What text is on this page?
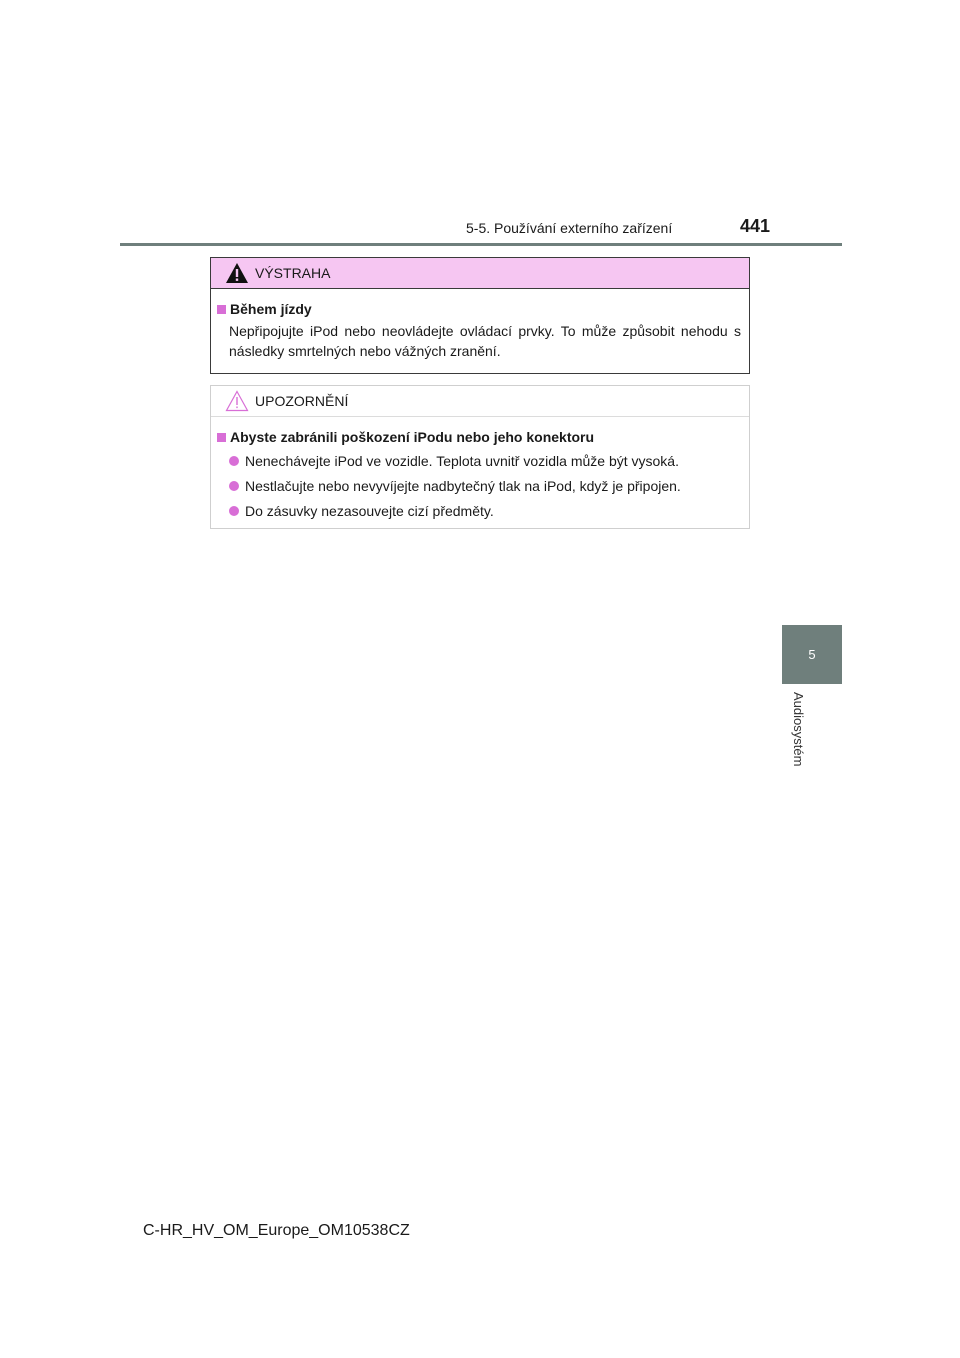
5-5. Používání externího zařízení	441
5
Audiosystém
VÝSTRAHA
Během jízdy
Nepřipojujte iPod nebo neovládejte ovládací prvky. To může způsobit nehodu s následky smrtelných nebo vážných zranění.
UPOZORNĚNÍ
Abyste zabránili poškození iPodu nebo jeho konektoru
Nenechávejte iPod ve vozidle. Teplota uvnitř vozidla může být vysoká.
Nestlačujte nebo nevyvíjejte nadbytečný tlak na iPod, když je připojen.
Do zásuvky nezasouvejte cizí předměty.
C-HR_HV_OM_Europe_OM10538CZ
